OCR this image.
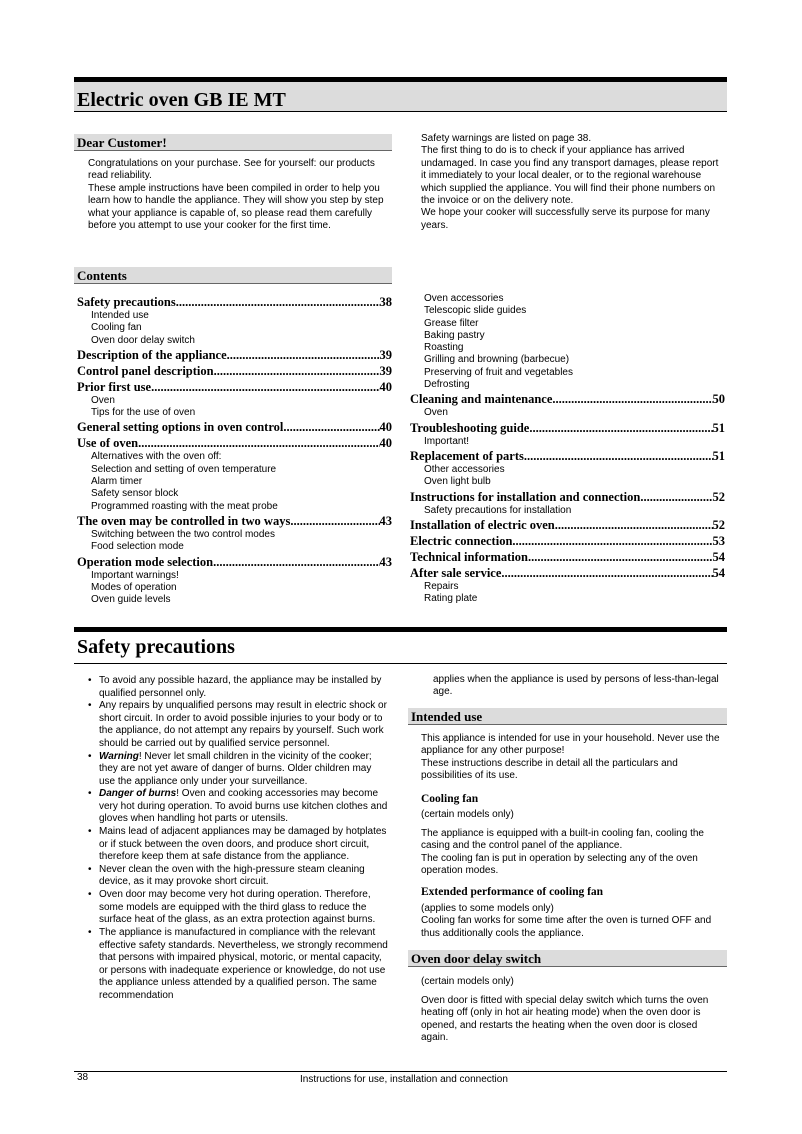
Electric oven GB IE MT
Dear Customer!

Congratulations on your purchase. See for yourself: our products read reliability.

These ample instructions have been compiled in order to help you learn how to handle the appliance. They will show you step by step what your appliance is capable of, so please read them carefully before you attempt to use your cooker for the first time.

Safety warnings are listed on page 38.

The first thing to do is to check if your appliance has arrived undamaged. In case you find any transport damages, please report it immediately to your local dealer, or to the regional warehouse which supplied the appliance. You will find their phone numbers on the invoice or on the delivery note.

We hope your cooker will successfully serve its purpose for many years.

Contents
Safety precautions .....	38
Intended use
Cooling fan
Oven door delay switch
Description of the appliance .....	39
Control panel description .....	39
Prior first use .....	40
Oven
Tips for the use of oven
General setting options in oven control .....	40
Use of oven .....	40
Alternatives with the oven off:
Selection and setting of oven temperature
Alarm timer
Safety sensor block
Programmed roasting with the meat probe
The oven may be controlled in two ways .....	43
Switching between the two control modes
Food selection mode
Operation mode selection .....	43
Important warnings!
Modes of operation
Oven guide levels
Oven accessories
Telescopic slide guides
Grease filter
Baking pastry
Roasting
Grilling and browning (barbecue)
Preserving of fruit and vegetables
Defrosting
Cleaning and maintenance .....	50
Oven
Troubleshooting guide .....	51
Important!
Replacement of parts .....	51
Other accessories
Oven light bulb
Instructions for installation and connection .....	52
Safety precautions for installation
Installation of electric oven .....	52
Electric connection .....	53
Technical information .....	54
After sale service .....	54
Repairs
Rating plate
Safety precautions
• To avoid any possible hazard, the appliance may be installed by qualified personnel only.
• Any repairs by unqualified persons may result in electric shock or short circuit. In order to avoid possible injuries to your body or to the appliance, do not attempt any repairs by yourself. Such work should be carried out by qualified service personnel.
• Warning! Never let small children in the vicinity of the cooker; they are not yet aware of danger of burns. Older children may use the appliance only under your surveillance.
• Danger of burns! Oven and cooking accessories may become very hot during operation. To avoid burns use kitchen clothes and gloves when handling hot parts or utensils.
• Mains lead of adjacent appliances may be damaged by hotplates or if stuck between the oven doors, and produce short circuit, therefore keep them at safe distance from the appliance.
• Never clean the oven with the high-pressure steam cleaning device, as it may provoke short circuit.
• Oven door may become very hot during operation. Therefore, some models are equipped with the third glass to reduce the surface heat of the glass, as an extra protection against burns.
• The appliance is manufactured in compliance with the relevant effective safety standards. Nevertheless, we strongly recommend that persons with impaired physical, motoric, or mental capacity, or persons with inadequate experience or knowledge, do not use the appliance unless attended by a qualified person. The same recommendation
applies when the appliance is used by persons of less-than-legal age.
Intended use

This appliance is intended for use in your household. Never use the appliance for any other purpose!

These instructions describe in detail all the particulars and possibilities of its use.

Cooling fan
(certain models only)

The appliance is equipped with a built-in cooling fan, cooling the casing and the control panel of the appliance.

The cooling fan is put in operation by selecting any of the oven operation modes.

Extended performance of cooling fan

(applies to some models only)

Cooling fan works for some time after the oven is turned OFF and thus additionally cools the appliance.

Oven door delay switch
(certain models only)
Oven door is fitted with special delay switch which turns the oven heating off (only in hot air heating mode) when the oven door is opened, and restarts the heating when the oven door is closed again.
38	Instructions for use, installation and connection
